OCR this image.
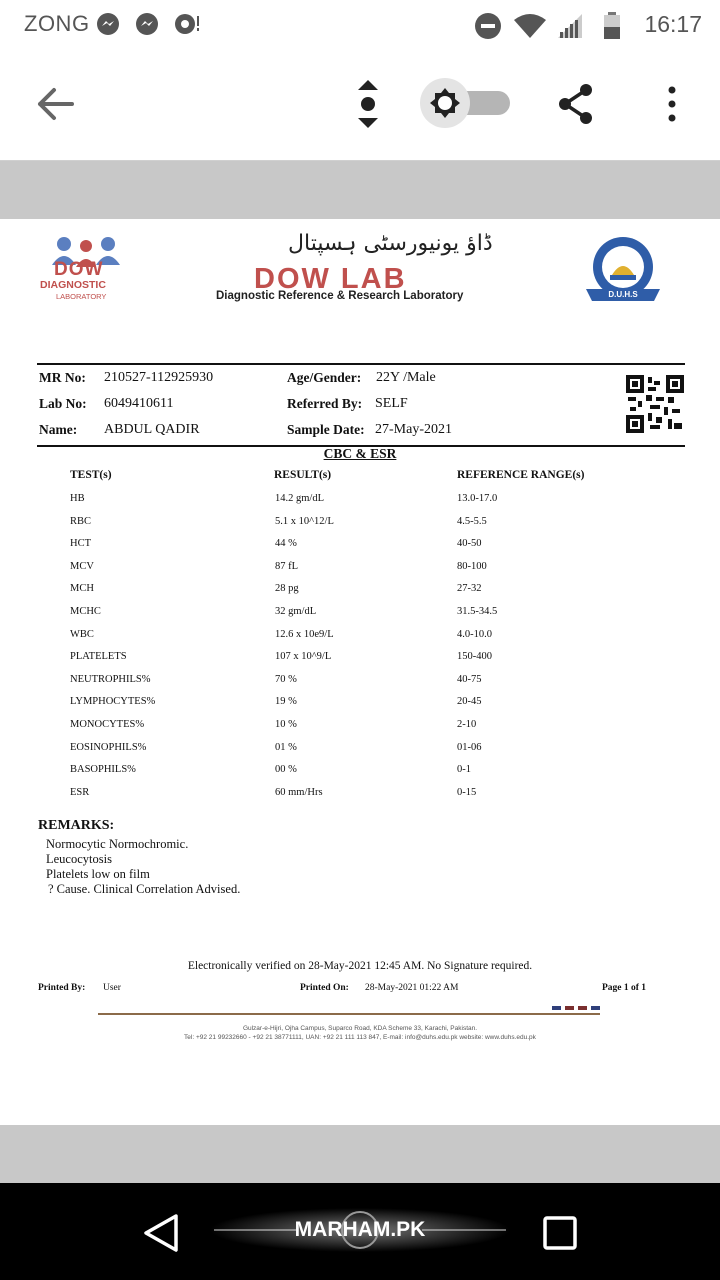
ZONG	16:17
DOW
DIAGNOSTIC
LABORATORY
ڈاؤ یونیورسٹی ہسپتال
DOW LAB
Diagnostic Reference & Research Laboratory	D.U.H.S
MR No: 210527-112925930
Lab No: 6049410611
Name: ABDUL QADIR
Age/Gender: 22Y /Male
Referred By: SELF
Sample Date: 27-May-2021
CBC & ESR
TEST(s)	RESULT(s)	REFERENCE RANGE(s)
HB	14.2 gm/dL	13.0-17.0
RBC	5.1 x 10^12/L	4.5-5.5
HCT	44 %	40-50
MCV	87 fL	80-100
MCH	28 pg	27-32
MCHC	32 gm/dL	31.5-34.5
WBC	12.6 x 10e9/L	4.0-10.0
PLATELETS	107 x 10^9/L	150-400
NEUTROPHILS%	70 %	40-75
LYMPHOCYTES%	19 %	20-45
MONOCYTES%	10 %	2-10
EOSINOPHILS%	01 %	01-06
BASOPHILS%	00 %	0-1
ESR	60 mm/Hrs	0-15
REMARKS:
Normocytic Normochromic.
Leucocytosis
Platelets low on film
? Cause. Clinical Correlation Advised.
Electronically verified on 28-May-2021 12:45 AM. No Signature required.
Printed By: User	Printed On: 28-May-2021 01:22 AM	Page 1 of 1
Gulzar-e-Hijri, Ojha Campus, Suparco Road, KDA Scheme 33, Karachi, Pakistan.
Tel: +92 21 99232660 - +92 21 38771111, UAN: +92 21 111 113 847, E-mail: info@duhs.edu.pk website: www.duhs.edu.pk
MARHAM.PK
